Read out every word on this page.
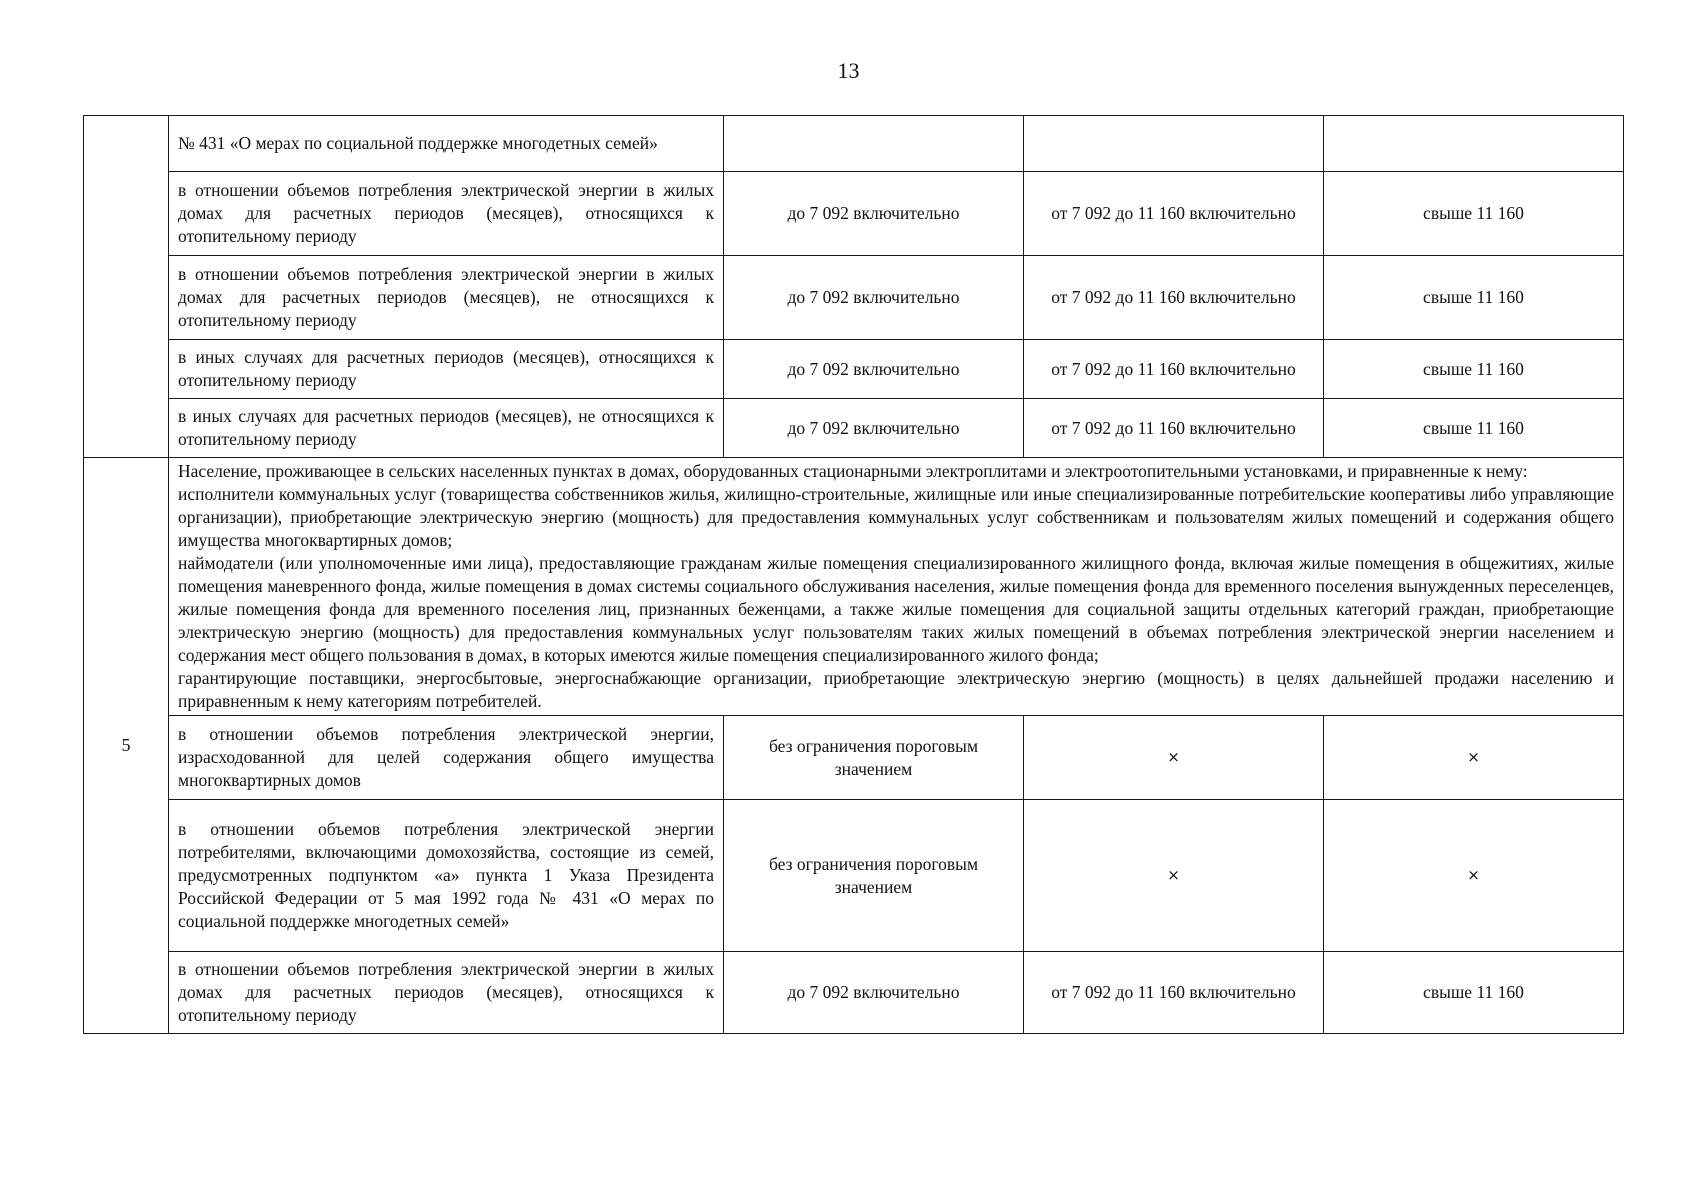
13
	№ 431 «О мерах по социальной поддержке многодетных семей»			
	в отношении объемов потребления электрической энергии в жилых домах для расчетных периодов (месяцев), относящихся к отопительному периоду	до 7 092 включительно	от 7 092 до 11 160 включительно	свыше 11 160
	в отношении объемов потребления электрической энергии в жилых домах для расчетных периодов (месяцев), не относящихся к отопительному периоду	до 7 092 включительно	от 7 092 до 11 160 включительно	свыше 11 160
	в иных случаях для расчетных периодов (месяцев), относящихся к отопительному периоду	до 7 092 включительно	от 7 092 до 11 160 включительно	свыше 11 160
	в иных случаях для расчетных периодов (месяцев), не относящихся к отопительному периоду	до 7 092 включительно	от 7 092 до 11 160 включительно	свыше 11 160
5	Население, проживающее в сельских населенных пунктах в домах, оборудованных стационарными электроплитами и электроотопительными установками, и приравненные к нему:

исполнители коммунальных услуг (товарищества собственников жилья, жилищно-строительные, жилищные или иные специализированные потребительские кооперативы либо управляющие организации), приобретающие электрическую энергию (мощность) для предоставления коммунальных услуг собственникам и пользователям жилых помещений и содержания общего имущества многоквартирных домов;

наймодатели (или уполномоченные ими лица), предоставляющие гражданам жилые помещения специализированного жилищного фонда, включая жилые помещения в общежитиях, жилые помещения маневренного фонда, жилые помещения в домах системы социального обслуживания населения, жилые помещения фонда для временного поселения вынужденных переселенцев, жилые помещения фонда для временного поселения лиц, признанных беженцами, а также жилые помещения для социальной защиты отдельных категорий граждан, приобретающие электрическую энергию (мощность) для предоставления коммунальных услуг пользователям таких жилых помещений в объемах потребления электрической энергии населением и содержания мест общего пользования в домах, в которых имеются жилые помещения специализированного жилого фонда;

гарантирующие поставщики, энергосбытовые, энергоснабжающие организации, приобретающие электрическую энергию (мощность) в целях дальнейшей продажи населению и приравненным к нему категориям потребителей.			

	в отношении объемов потребления электрической энергии, израсходованной для целей содержания общего имущества многоквартирных домов	без ограничения пороговым значением	×	×
	в отношении объемов потребления электрической энергии потребителями, включающими домохозяйства, состоящие из семей, предусмотренных подпунктом «а» пункта 1 Указа Президента Российской Федерации от 5 мая 1992 года № 431 «О мерах по социальной поддержке многодетных семей»	без ограничения пороговым значением	×	×
	в отношении объемов потребления электрической энергии в жилых домах для расчетных периодов (месяцев), относящихся к отопительному периоду	до 7 092 включительно	от 7 092 до 11 160 включительно	свыше 11 160
